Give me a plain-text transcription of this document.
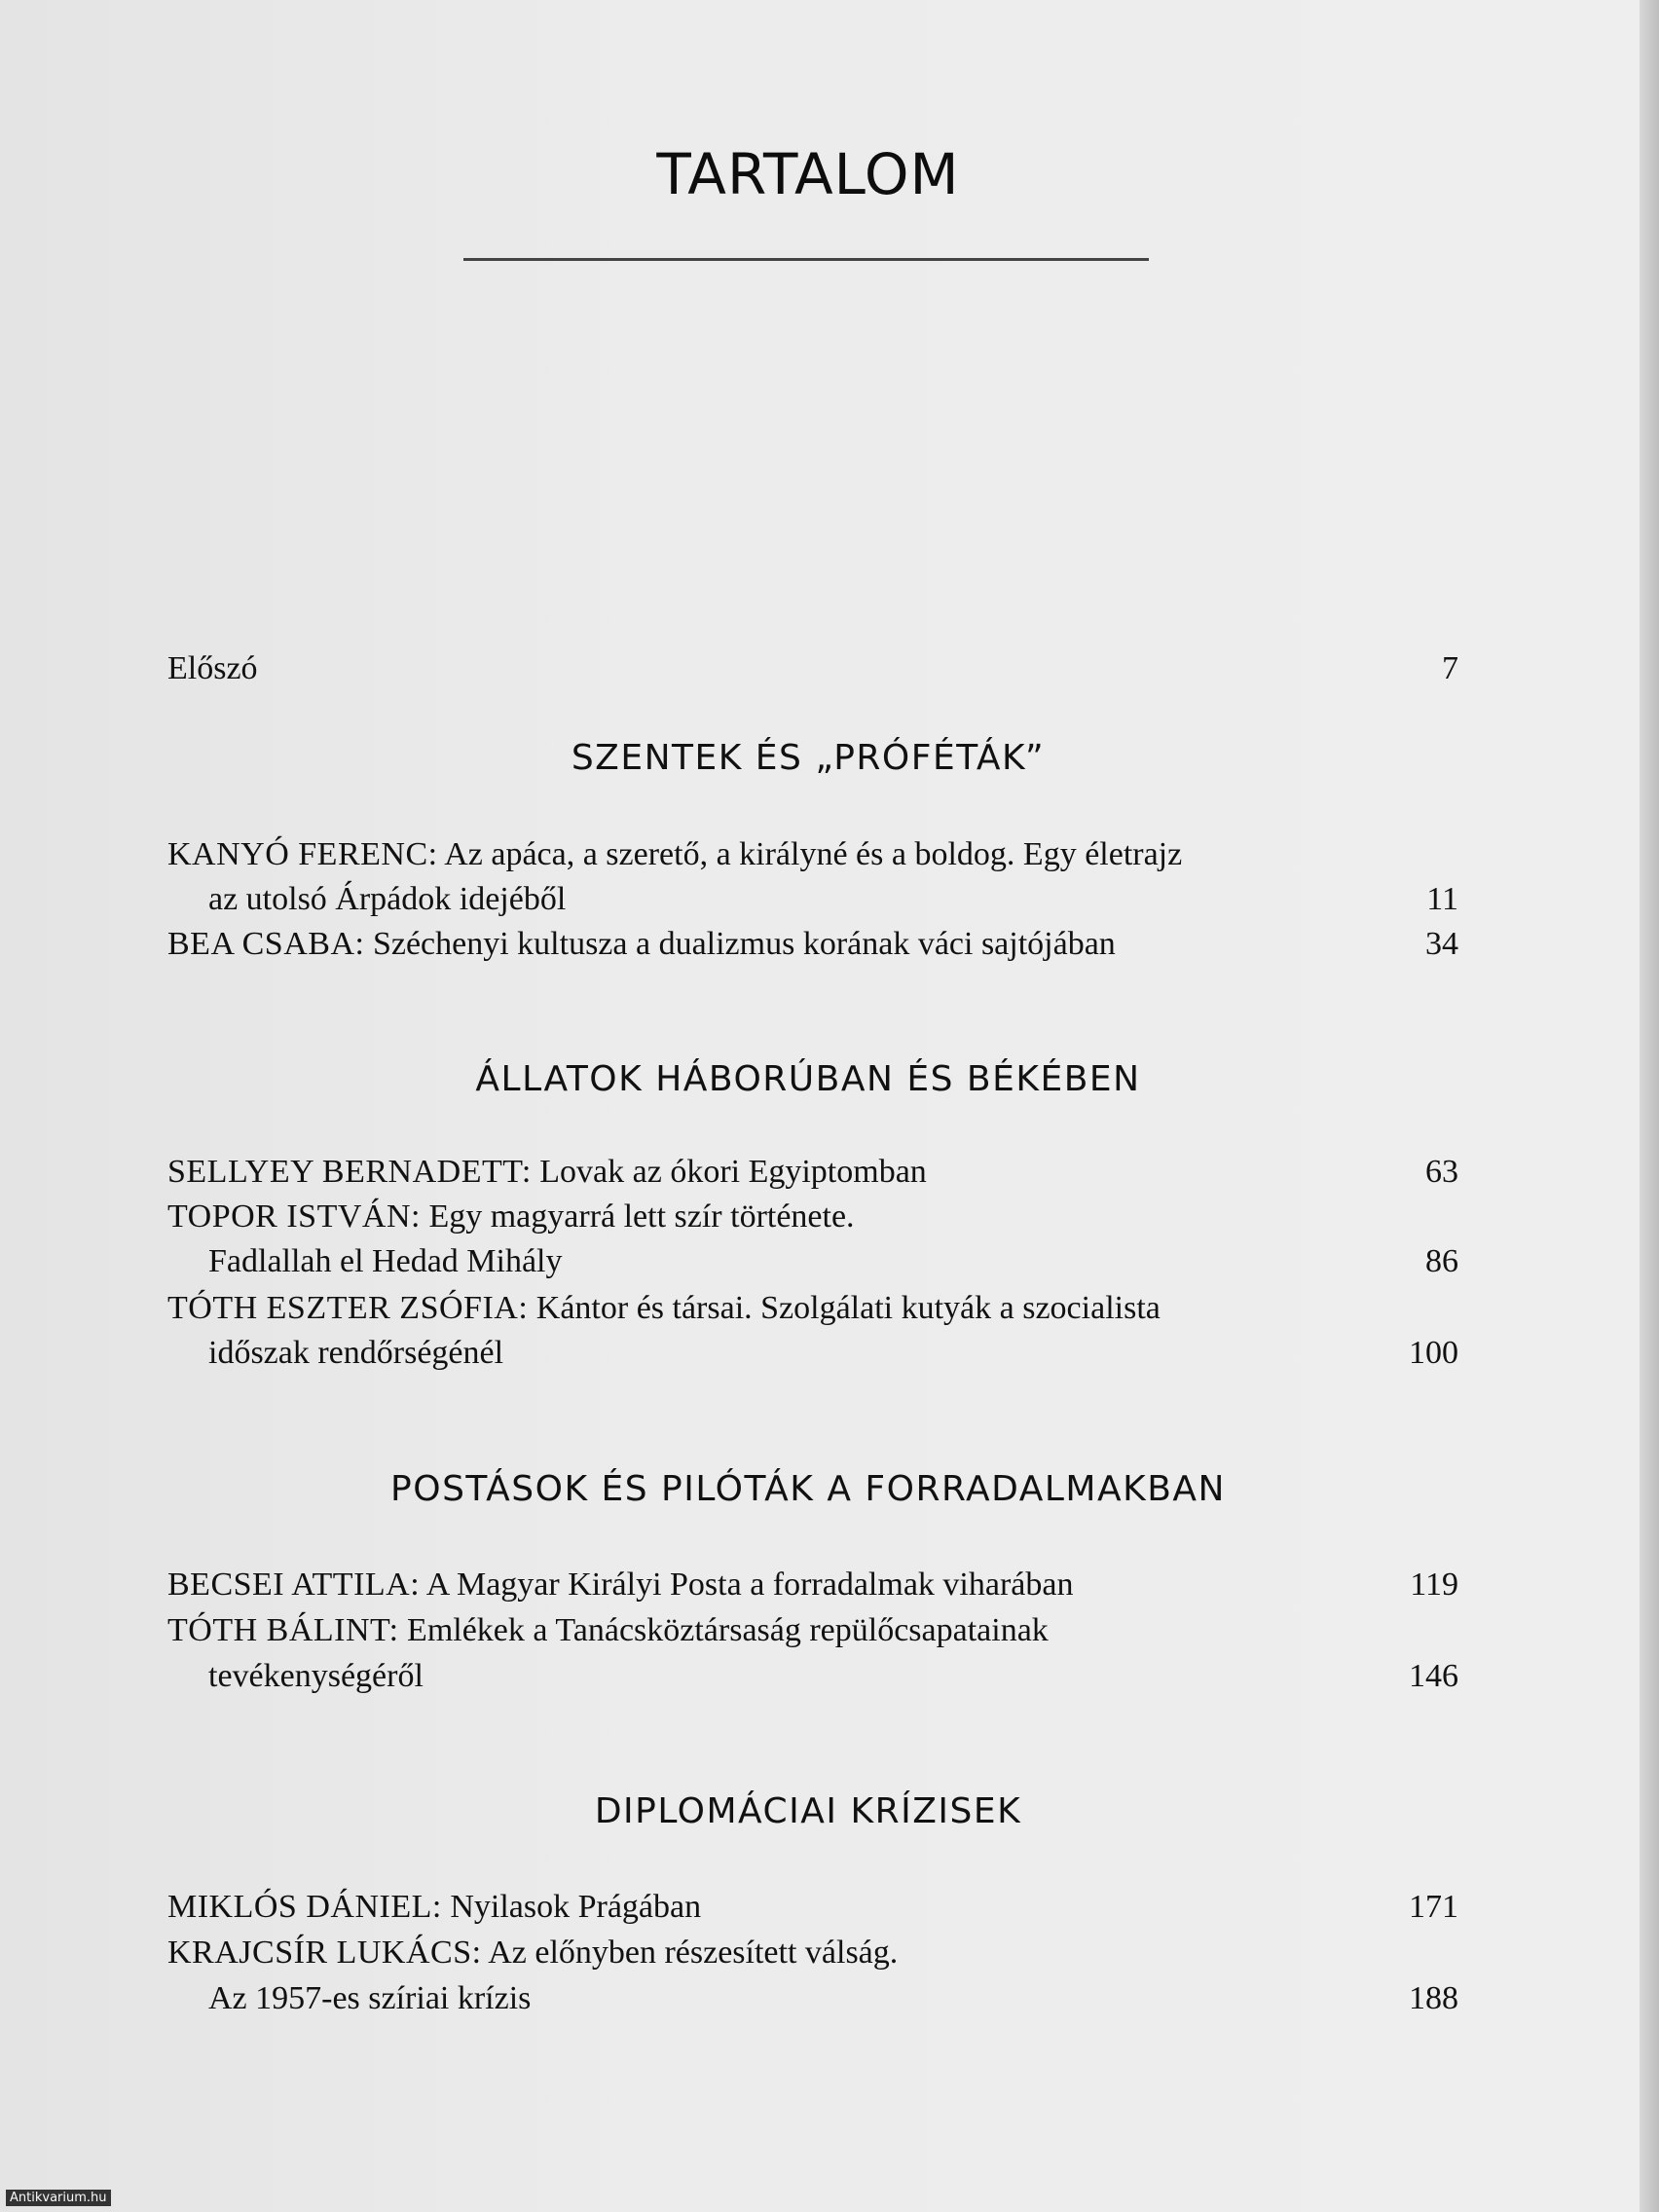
TARTALOM
Előszó	7
SZENTEK ÉS „PRÓFÉTÁK”
KANYÓ FERENC: Az apáca, a szerető, a királyné és a boldog. Egy életrajz
az utolsó Árpádok idejéből	11
BEA CSABA: Széchenyi kultusza a dualizmus korának váci sajtójában	34
ÁLLATOK HÁBORÚBAN ÉS BÉKÉBEN
SELLYEY BERNADETT: Lovak az ókori Egyiptomban	63
TOPOR ISTVÁN: Egy magyarrá lett szír története.
Fadlallah el Hedad Mihály	86
TÓTH ESZTER ZSÓFIA: Kántor és társai. Szolgálati kutyák a szocialista
időszak rendőrségénél	100
POSTÁSOK ÉS PILÓTÁK A FORRADALMAKBAN
BECSEI ATTILA: A Magyar Királyi Posta a forradalmak viharában	119
TÓTH BÁLINT: Emlékek a Tanácsköztársaság repülőcsapatainak
tevékenységéről	146
DIPLOMÁCIAI KRÍZISEK
MIKLÓS DÁNIEL: Nyilasok Prágában	171
KRAJCSÍR LUKÁCS: Az előnyben részesített válság.
Az 1957-es szíriai krízis	188
Antikvarium.hu
